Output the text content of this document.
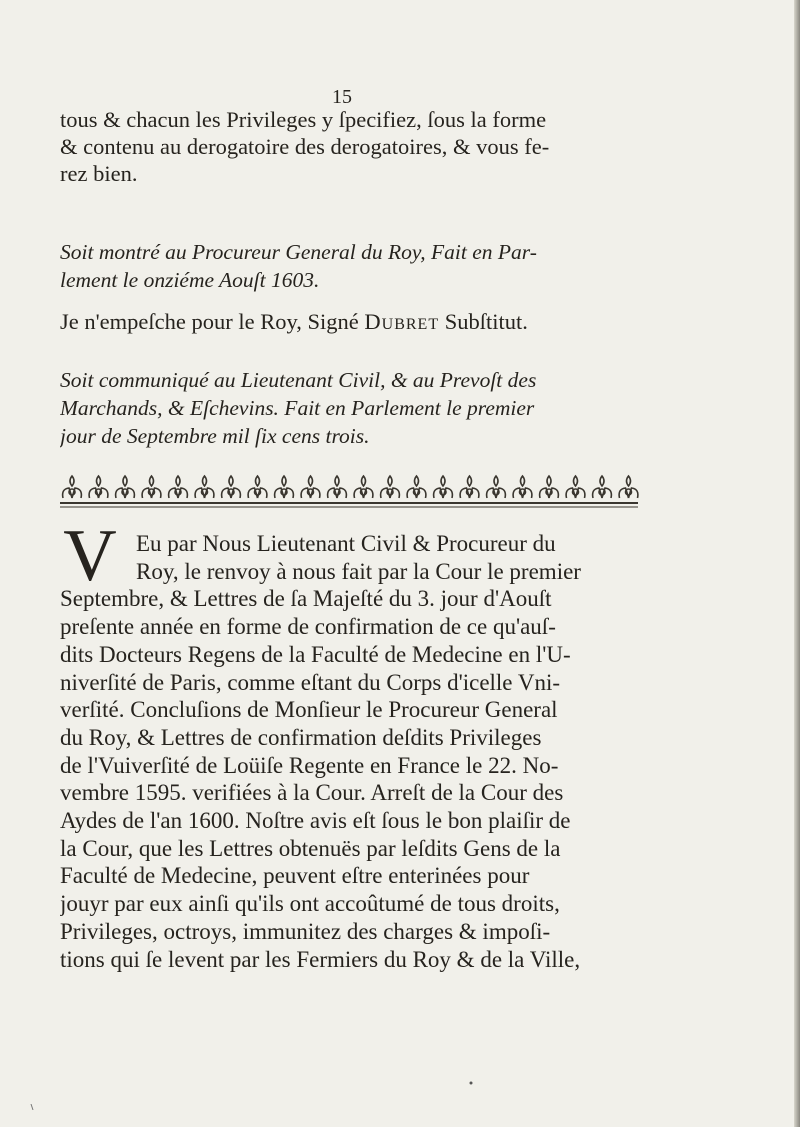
15
tous & chacun les Privileges y ſpecifiez, ſous la forme
& contenu au derogatoire des derogatoires, & vous fe-
rez bien.
Soit montré au Procureur General du Roy, Fait en Par-
lement le onziéme Aouſt 1603.
Je n'empeſche pour le Roy, Signé Dubret Subſtitut.
Soit communiqué au Lieutenant Civil, & au Prevoſt des
Marchands, & Eſchevins. Fait en Parlement le premier
jour de Septembre mil ſix cens trois.
V Eu par Nous Lieutenant Civil & Procureur du
Roy, le renvoy à nous fait par la Cour le premier
Septembre, & Lettres de ſa Majeſté du 3. jour d'Aouſt
preſente année en forme de confirmation de ce qu'auſ-
dits Docteurs Regens de la Faculté de Medecine en l'U-
niverſité de Paris, comme eſtant du Corps d'icelle Vni-
verſité. Concluſions de Monſieur le Procureur General
du Roy, & Lettres de confirmation deſdits Privileges
de l'Vuiverſité de Loüiſe Regente en France le 22. No-
vembre 1595. verifiées à la Cour. Arreſt de la Cour des
Aydes de l'an 1600. Noſtre avis eſt ſous le bon plaiſir de
la Cour, que les Lettres obtenuës par leſdits Gens de la
Faculté de Medecine, peuvent eſtre enterinées pour
jouyr par eux ainſi qu'ils ont accoûtumé de tous droits,
Privileges, octroys, immunitez des charges & impoſi-
tions qui ſe levent par les Fermiers du Roy & de la Ville,
